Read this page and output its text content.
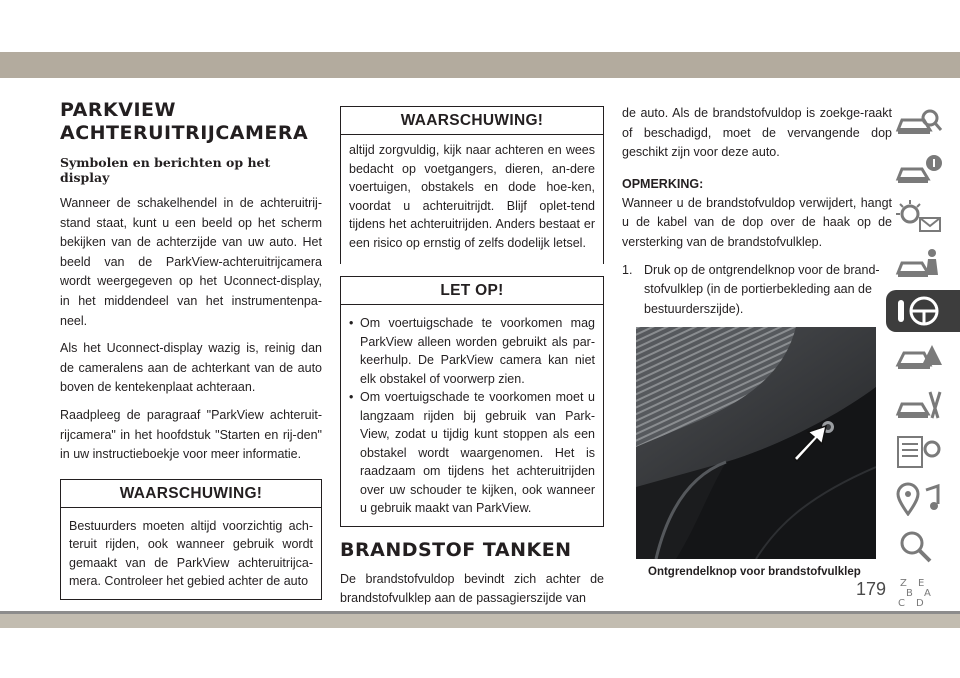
PARKVIEW
ACHTERUITRIJCAMERA
Symbolen en berichten op het display

Wanneer de schakelhendel in de achteruitrij-stand staat, kunt u een beeld op het scherm bekijken van de achterzijde van uw auto. Het beeld van de ParkView-achteruitrijcamera wordt weergegeven op het Uconnect-display, in het middendeel van het instrumentenpa-neel.

Als het Uconnect-display wazig is, reinig dan de cameralens aan de achterkant van de auto boven de kentekenplaat achteraan.

Raadpleeg de paragraaf "ParkView achteruit-rijcamera" in het hoofdstuk "Starten en rij-den" in uw instructieboekje voor meer informatie.

WAARSCHUWING!
Bestuurders moeten altijd voorzichtig ach-teruit rijden, ook wanneer gebruik wordt gemaakt van de ParkView achteruitrijca-mera. Controleer het gebied achter de auto
WAARSCHUWING!
altijd zorgvuldig, kijk naar achteren en wees bedacht op voetgangers, dieren, an-dere voertuigen, obstakels en dode hoe-ken, voordat u achteruitrijdt. Blijf oplet-tend tijdens het achteruitrijden. Anders bestaat er een risico op ernstig of zelfs dodelijk letsel.
LET OP!
• Om voertuigschade te voorkomen mag ParkView alleen worden gebruikt als par-keerhulp. De ParkView camera kan niet elk obstakel of voorwerp zien.
• Om voertuigschade te voorkomen moet u langzaam rijden bij gebruik van Park-View, zodat u tijdig kunt stoppen als een obstakel wordt waargenomen. Het is raadzaam om tijdens het achteruitrijden over uw schouder te kijken, ook wanneer u gebruik maakt van ParkView.
BRANDSTOF TANKEN

De brandstofvuldop bevindt zich achter de brandstofvulklep aan de passagierszijde van

de auto. Als de brandstofvuldop is zoekge-raakt of beschadigd, moet de vervangende dop geschikt zijn voor deze auto.

OPMERKING:

Wanneer u de brandstofvuldop verwijdert, hangt u de kabel van de dop over de haak op de versterking van de brandstofvulklep.

1. Druk op de ontgrendelknop voor de brand-stofvulklep (in de portierbekleding aan de bestuurderszijde).
Ontgrendelknop voor brandstofvulklep
Z E
B A
C D
179
